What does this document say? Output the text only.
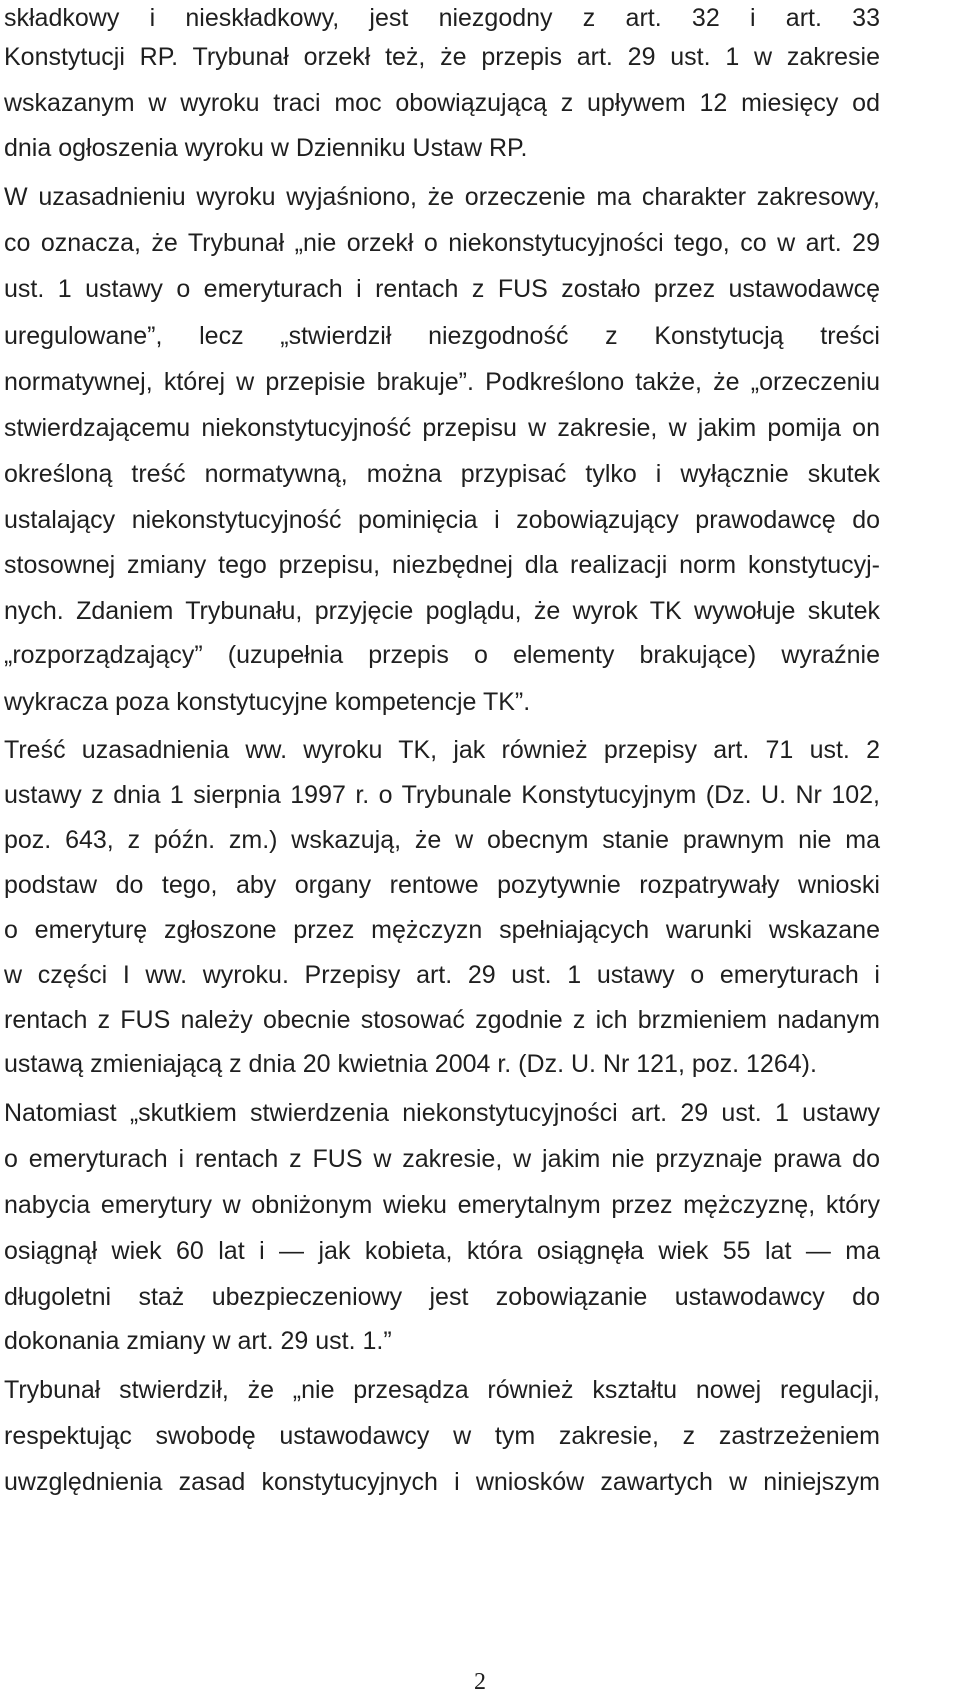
składkowy i nieskładkowy, jest niezgodny z art. 32 i art. 33
Konstytucji RP. Trybunał orzekł też, że przepis art. 29 ust. 1 w zakresie
wskazanym w wyroku traci moc obowiązującą z upływem 12 miesięcy od
dnia ogłoszenia wyroku w Dzienniku Ustaw RP.
W uzasadnieniu wyroku wyjaśniono, że orzeczenie ma charakter zakresowy,
co oznacza, że Trybunał „nie orzekł o niekonstytucyjności tego, co w art. 29
ust. 1 ustawy o emeryturach i rentach z FUS zostało przez ustawodawcę
uregulowane”, lecz „stwierdził niezgodność z Konstytucją treści
normatywnej, której w przepisie brakuje”. Podkreślono także, że „orzeczeniu
stwierdzającemu niekonstytucyjność przepisu w zakresie, w jakim pomija on
określoną treść normatywną, można przypisać tylko i wyłącznie skutek
ustalający niekonstytucyjność pominięcia i zobowiązujący prawodawcę do
stosownej zmiany tego przepisu, niezbędnej dla realizacji norm konstytucyj-
nych. Zdaniem Trybunału, przyjęcie poglądu, że wyrok TK wywołuje skutek
„rozporządzający” (uzupełnia przepis o elementy brakujące) wyraźnie
wykracza poza konstytucyjne kompetencje TK”.
Treść uzasadnienia ww. wyroku TK, jak również przepisy art. 71 ust. 2
ustawy z dnia 1 sierpnia 1997 r. o Trybunale Konstytucyjnym (Dz. U. Nr 102,
poz. 643, z późn. zm.) wskazują, że w obecnym stanie prawnym nie ma
podstaw do tego, aby organy rentowe pozytywnie rozpatrywały wnioski
o emeryturę zgłoszone przez mężczyzn spełniających warunki wskazane
w części I ww. wyroku. Przepisy art. 29 ust. 1 ustawy o emeryturach i
rentach z FUS należy obecnie stosować zgodnie z ich brzmieniem nadanym
ustawą zmieniającą z dnia 20 kwietnia 2004 r. (Dz. U. Nr 121, poz. 1264).
Natomiast „skutkiem stwierdzenia niekonstytucyjności art. 29 ust. 1 ustawy
o emeryturach i rentach z FUS w zakresie, w jakim nie przyznaje prawa do
nabycia emerytury w obniżonym wieku emerytalnym przez mężczyznę, który
osiągnął wiek 60 lat i — jak kobieta, która osiągnęła wiek 55 lat — ma
długoletni staż ubezpieczeniowy jest zobowiązanie ustawodawcy do
dokonania zmiany w art. 29 ust. 1.”
Trybunał stwierdził, że „nie przesądza również kształtu nowej regulacji,
respektując swobodę ustawodawcy w tym zakresie, z zastrzeżeniem
uwzględnienia zasad konstytucyjnych i wniosków zawartych w niniejszym
2
